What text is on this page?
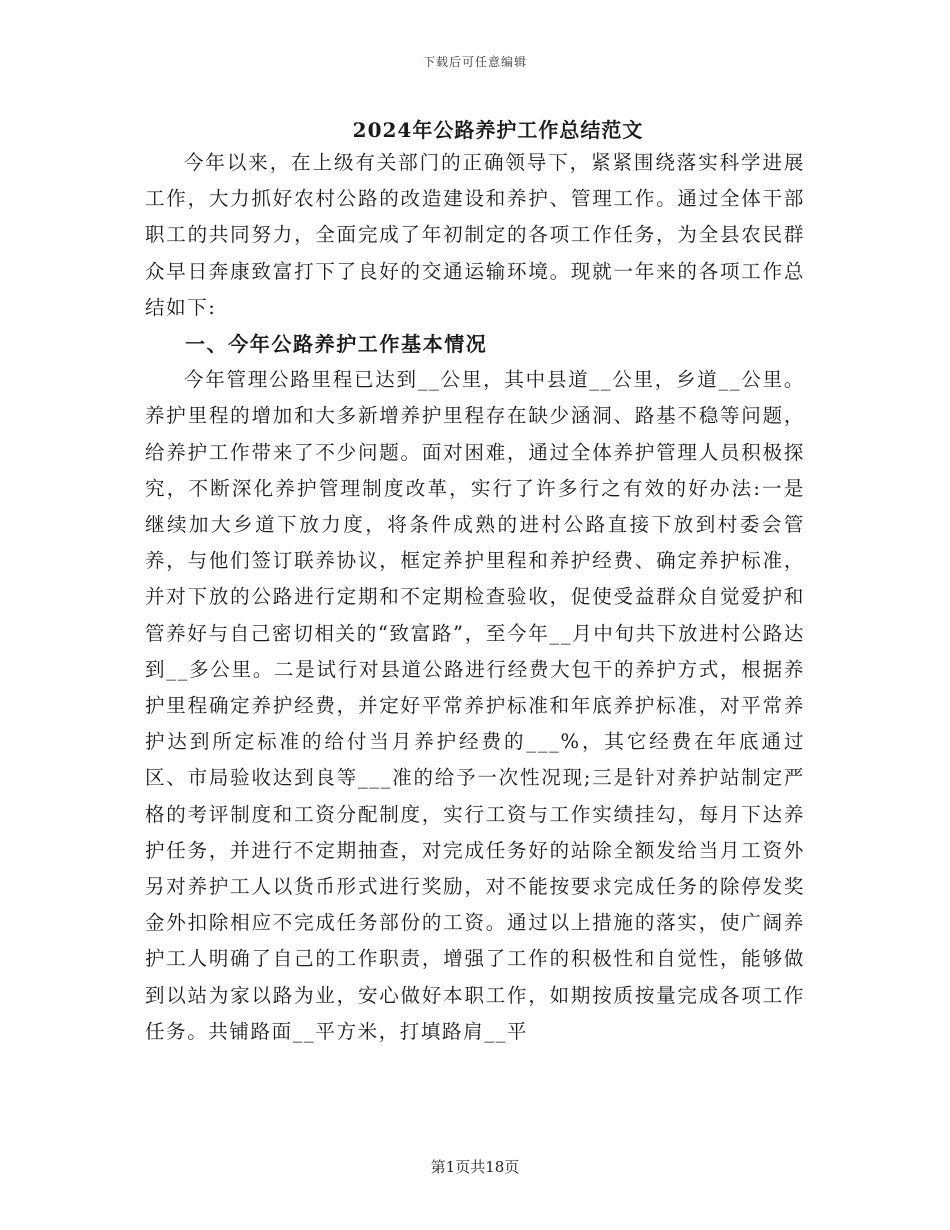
下载后可任意编辑
2024年公路养护工作总结范文

今年以来，在上级有关部门的正确领导下，紧紧围绕落实科学进展工作，大力抓好农村公路的改造建设和养护、管理工作。通过全体干部职工的共同努力，全面完成了年初制定的各项工作任务，为全县农民群众早日奔康致富打下了良好的交通运输环境。现就一年来的各项工作总结如下:

一、今年公路养护工作基本情况

今年管理公路里程已达到__公里，其中县道__公里，乡道__公里。养护里程的增加和大多新增养护里程存在缺少涵洞、路基不稳等问题，给养护工作带来了不少问题。面对困难，通过全体养护管理人员积极探究，不断深化养护管理制度改革，实行了许多行之有效的好办法:一是继续加大乡道下放力度，将条件成熟的进村公路直接下放到村委会管养，与他们签订联养协议，框定养护里程和养护经费、确定养护标准，并对下放的公路进行定期和不定期检查验收，促使受益群众自觉爱护和管养好与自己密切相关的“致富路”，至今年__月中旬共下放进村公路达到__多公里。二是试行对县道公路进行经费大包干的养护方式，根据养护里程确定养护经费，并定好平常养护标准和年底养护标准，对平常养护达到所定标准的给付当月养护经费的___%，其它经费在年底通过区、市局验收达到良等___准的给予一次性况现;三是针对养护站制定严格的考评制度和工资分配制度，实行工资与工作实绩挂勾，每月下达养护任务，并进行不定期抽查，对完成任务好的站除全额发给当月工资外另对养护工人以货币形式进行奖励，对不能按要求完成任务的除停发奖金外扣除相应不完成任务部份的工资。通过以上措施的落实，使广阔养护工人明确了自己的工作职责，增强了工作的积极性和自觉性，能够做到以站为家以路为业，安心做好本职工作，如期按质按量完成各项工作任务。共铺路面__平方米，打填路肩__平

第1页共18页
